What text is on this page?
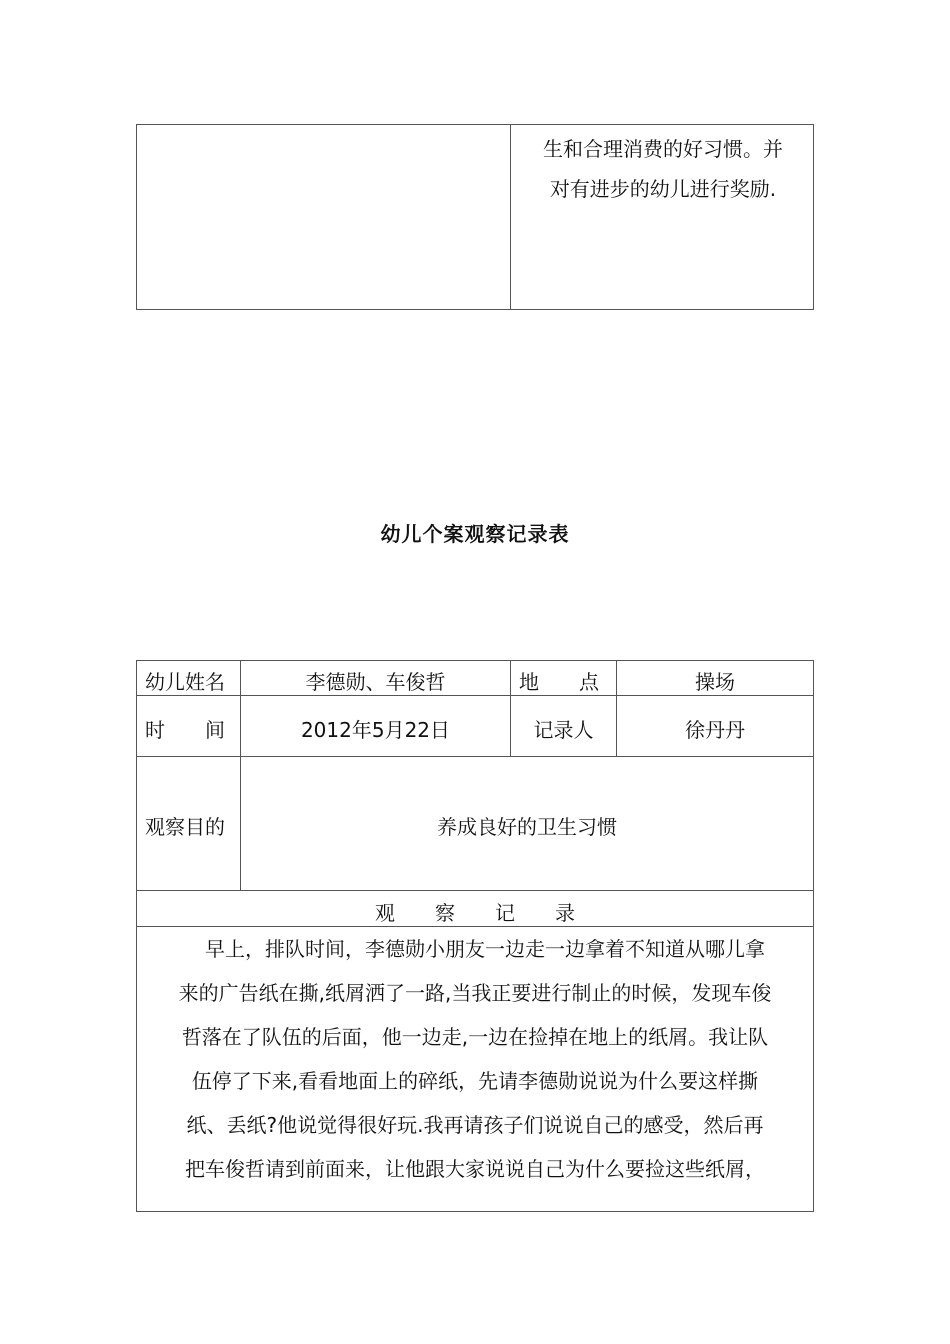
生和合理消费的好习惯。并
对有进步的幼儿进行奖励.
幼儿个案观察记录表
幼儿姓名	李德勋、车俊哲	地　　点	操场
时　　间	2012年5月22日	记录人	徐丹丹
观察目的	养成良好的卫生习惯
观　　察　　记　　录
　早上，排队时间，李德勋小朋友一边走一边拿着不知道从哪儿拿
来的广告纸在撕,纸屑洒了一路,当我正要进行制止的时候，发现车俊
哲落在了队伍的后面，他一边走,一边在捡掉在地上的纸屑。我让队
伍停了下来,看看地面上的碎纸，先请李德勋说说为什么要这样撕
纸、丢纸?他说觉得很好玩.我再请孩子们说说自己的感受，然后再
把车俊哲请到前面来，让他跟大家说说自己为什么要捡这些纸屑，
